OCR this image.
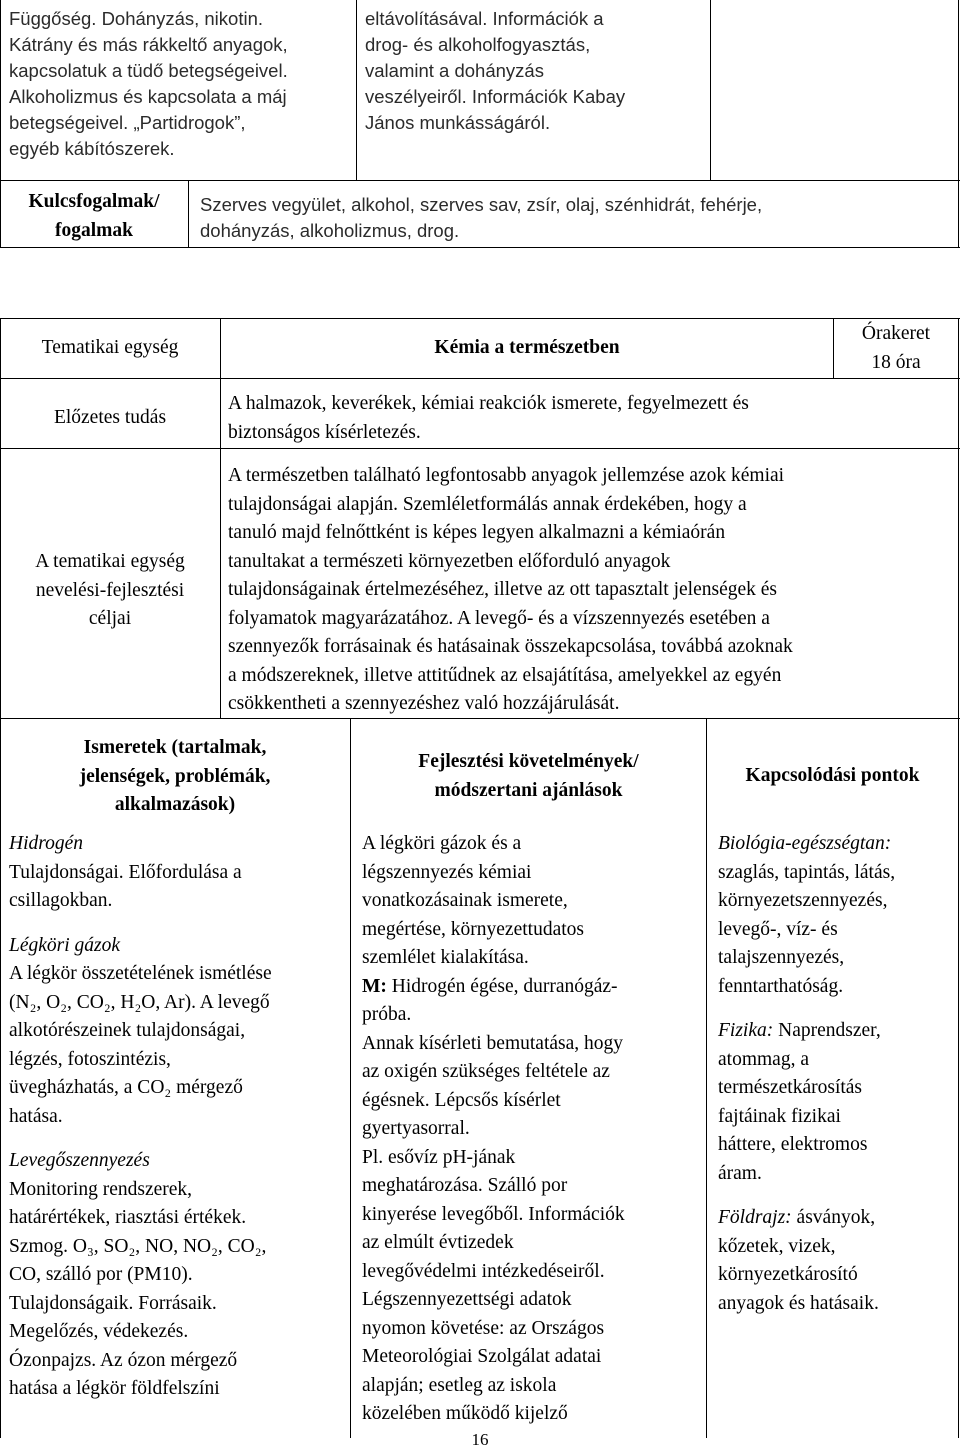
Függőség. Dohányzás, nikotin.
Kátrány és más rákkeltő anyagok,
kapcsolatuk a tüdő betegségeivel.
Alkoholizmus és kapcsolata a máj
betegségeivel. „Partidrogok”,
egyéb kábítószerek.
eltávolításával. Információk a
drog- és alkoholfogyasztás,
valamint a dohányzás
veszélyeiről. Információk Kabay
János munkásságáról.
Kulcsfogalmak/
fogalmak
Szerves vegyület, alkohol, szerves sav, zsír, olaj, szénhidrát, fehérje,
dohányzás, alkoholizmus, drog.
Tematikai egység	Kémia a természetben
Órakeret
18 óra
Előzetes tudás
A halmazok, keverékek, kémiai reakciók ismerete, fegyelmezett és
biztonságos kísérletezés.
A tematikai egység
nevelési-fejlesztési
céljai
A természetben található legfontosabb anyagok jellemzése azok kémiai
tulajdonságai alapján. Szemléletformálás annak érdekében, hogy a
tanuló majd felnőttként is képes legyen alkalmazni a kémiaórán
tanultakat a természeti környezetben előforduló anyagok
tulajdonságainak értelmezéséhez, illetve az ott tapasztalt jelenségek és
folyamatok magyarázatához. A levegő- és a vízszennyezés esetében a
szennyezők forrásainak és hatásainak összekapcsolása, továbbá azoknak
a módszereknek, illetve attitűdnek az elsajátítása, amelyekkel az egyén
csökkentheti a szennyezéshez való hozzájárulását.
Ismeretek (tartalmak,
jelenségek, problémák,
alkalmazások)
Fejlesztési követelmények/
módszertani ajánlások
Kapcsolódási pontok
Hidrogén
Tulajdonságai. Előfordulása a
csillagokban.
Légköri gázok
A légkör összetételének ismétlése
(N₂, O₂, CO₂, H₂O, Ar). A levegő
alkotórészeinek tulajdonságai,
légzés, fotoszintézis,
üvegházhatás, a CO₂ mérgező
hatása.
Levegőszennyezés
Monitoring rendszerek,
határértékek, riasztási értékek.
Szmog. O₃, SO₂, NO, NO₂, CO₂,
CO, szálló por (PM10).
Tulajdonságaik. Forrásaik.
Megelőzés, védekezés.
Ózonpajzs. Az ózon mérgező
hatása a légkör földfelszíni
A légköri gázok és a
légszennyezés kémiai
vonatkozásainak ismerete,
megértése, környezettudatos
szemlélet kialakítása.
M: Hidrogén égése, durranógáz-
próba.
Annak kísérleti bemutatása, hogy
az oxigén szükséges feltétele az
égésnek. Lépcsős kísérlet
gyertyasorral.
Pl. esővíz pH-jának
meghatározása. Szálló por
kinyerése levegőből. Információk
az elmúlt évtizedek
levegővédelmi intézkedéseiről.
Légszennyezettségi adatok
nyomon követése: az Országos
Meteorológiai Szolgálat adatai
alapján; esetleg az iskola
közelében működő kijelző
Biológia-egészségtan:
szaglás, tapintás, látás,
környezetszennyezés,
levegő-, víz- és
talajszennyezés,
fenntarthatóság.
Fizika: Naprendszer,
atommag, a
természetkárosítás
fajtáinak fizikai
háttere, elektromos
áram.
Földrajz: ásványok,
kőzetek, vizek,
környezetkárosító
anyagok és hatásaik.
16
